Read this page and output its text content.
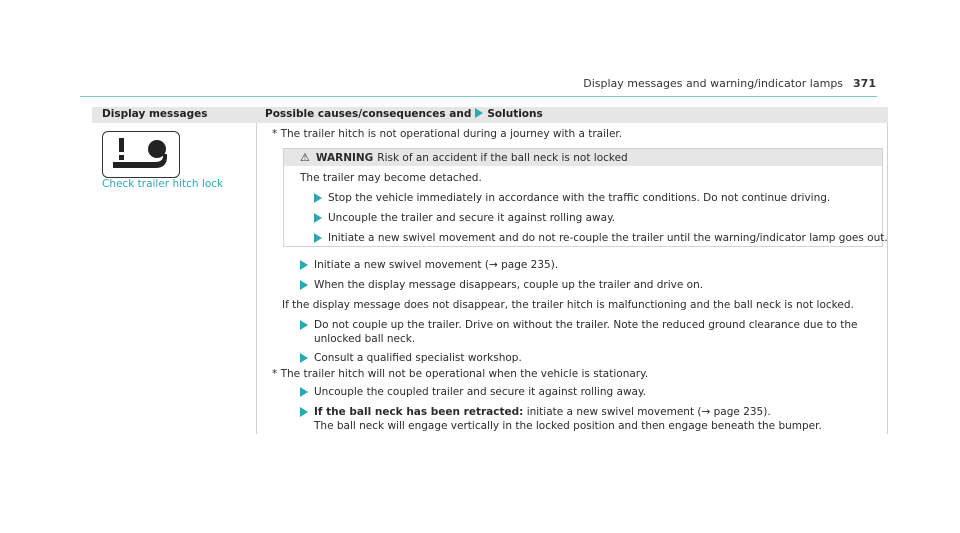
Display messages and warning/indicator lamps 371
Display messages	Possible causes/consequences and Solutions
Check trailer hitch lock
* The trailer hitch is not operational during a journey with a trailer.
⚠ WARNING Risk of an accident if the ball neck is not locked
The trailer may become detached.
Stop the vehicle immediately in accordance with the traffic conditions. Do not continue driving.
Uncouple the trailer and secure it against rolling away.
Initiate a new swivel movement and do not re-couple the trailer until the warning/indicator lamp goes out.
Initiate a new swivel movement (→ page 235).
When the display message disappears, couple up the trailer and drive on.
If the display message does not disappear, the trailer hitch is malfunctioning and the ball neck is not locked.
Do not couple up the trailer. Drive on without the trailer. Note the reduced ground clearance due to the
unlocked ball neck.
Consult a qualified specialist workshop.
* The trailer hitch will not be operational when the vehicle is stationary.
Uncouple the coupled trailer and secure it against rolling away.
If the ball neck has been retracted: initiate a new swivel movement (→ page 235).
The ball neck will engage vertically in the locked position and then engage beneath the bumper.
